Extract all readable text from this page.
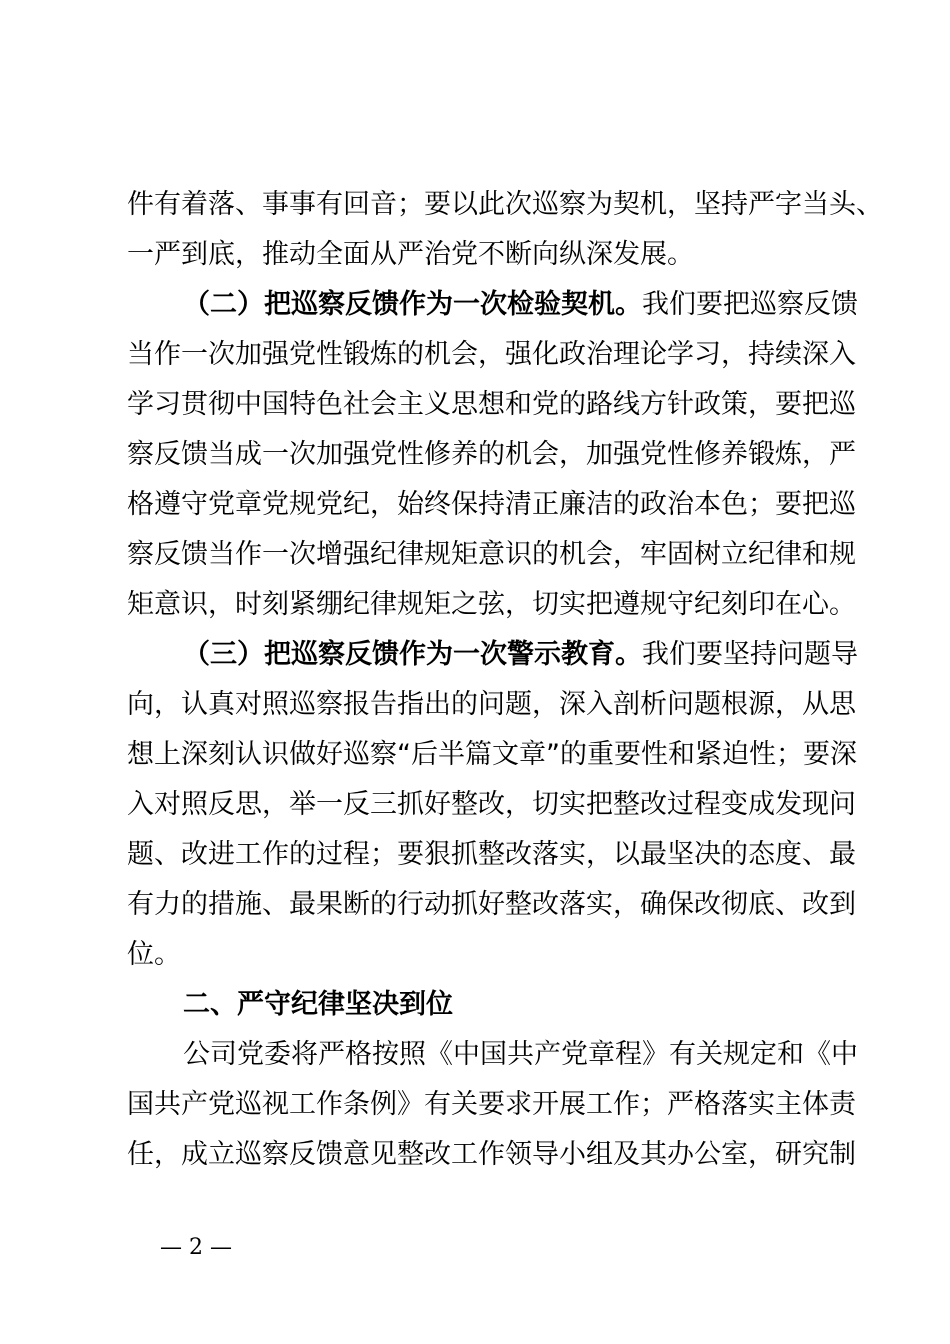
件有着落、事事有回音；要以此次巡察为契机，坚持严字当头、
一严到底，推动全面从严治党不断向纵深发展。
（二）把巡察反馈作为一次检验契机。我们要把巡察反馈
当作一次加强党性锻炼的机会，强化政治理论学习，持续深入
学习贯彻中国特色社会主义思想和党的路线方针政策，要把巡
察反馈当成一次加强党性修养的机会，加强党性修养锻炼，严
格遵守党章党规党纪，始终保持清正廉洁的政治本色；要把巡
察反馈当作一次增强纪律规矩意识的机会，牢固树立纪律和规
矩意识，时刻紧绷纪律规矩之弦，切实把遵规守纪刻印在心。
（三）把巡察反馈作为一次警示教育。我们要坚持问题导
向，认真对照巡察报告指出的问题，深入剖析问题根源，从思
想上深刻认识做好巡察“后半篇文章”的重要性和紧迫性；要深
入对照反思，举一反三抓好整改，切实把整改过程变成发现问
题、改进工作的过程；要狠抓整改落实，以最坚决的态度、最
有力的措施、最果断的行动抓好整改落实，确保改彻底、改到
位。
二、严守纪律坚决到位
公司党委将严格按照《中国共产党章程》有关规定和《中
国共产党巡视工作条例》有关要求开展工作；严格落实主体责
任，成立巡察反馈意见整改工作领导小组及其办公室，研究制
— 2 —
